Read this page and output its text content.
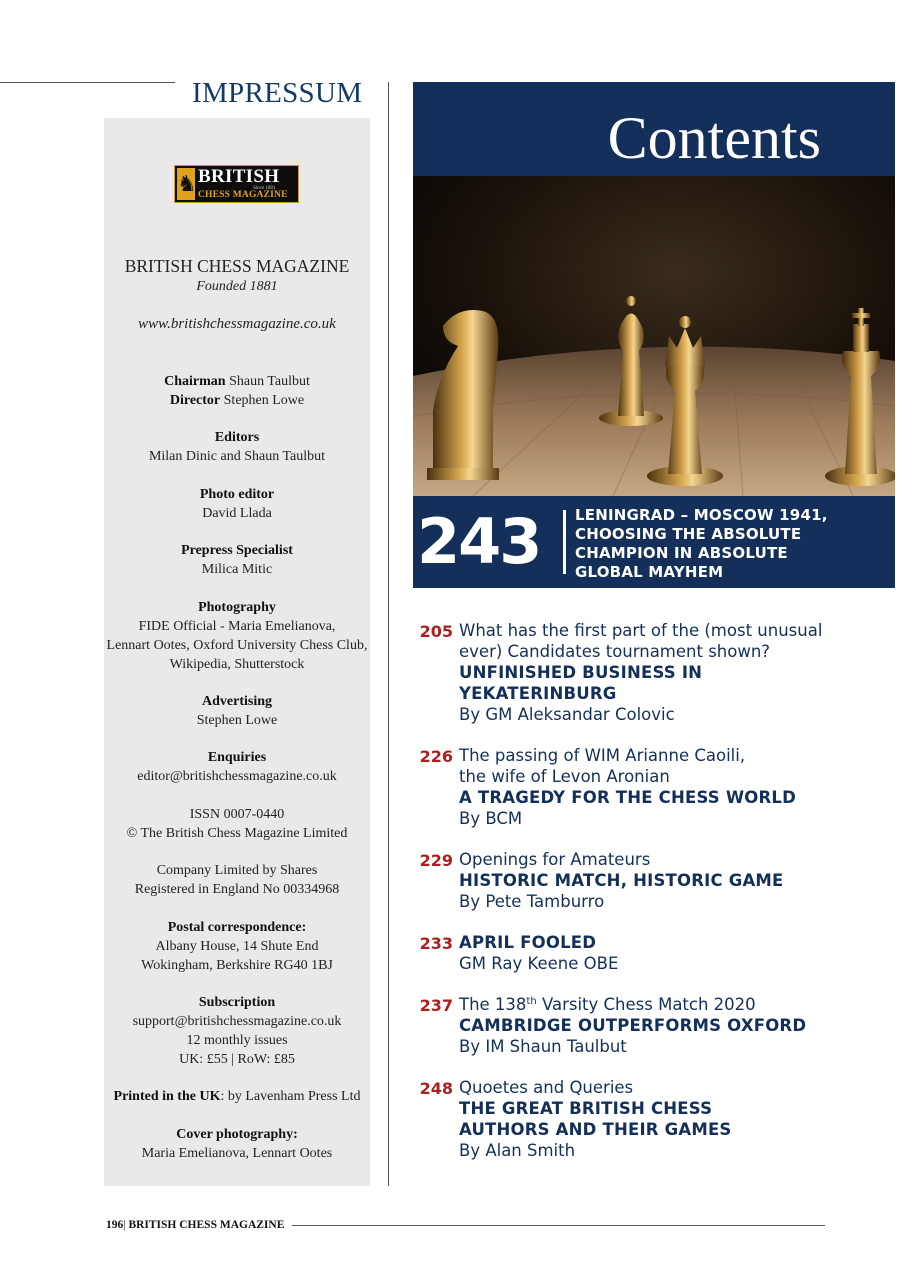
IMPRESSUM
♞ BRITISH
Since 1881
CHESS MAGAZINE
BRITISH CHESS MAGAZINE
Founded 1881
www.britishchessmagazine.co.uk
Chairman Shaun Taulbut
Director Stephen Lowe
Editors
Milan Dinic and Shaun Taulbut
Photo editor
David Llada
Prepress Specialist
Milica Mitic
Photography
FIDE Official - Maria Emelianova,
Lennart Ootes, Oxford University Chess Club,
Wikipedia, Shutterstock
Advertising
Stephen Lowe
Enquiries
editor@britishchessmagazine.co.uk
ISSN 0007-0440
© The British Chess Magazine Limited
Company Limited by Shares
Registered in England No 00334968
Postal correspondence:
Albany House, 14 Shute End
Wokingham, Berkshire RG40 1BJ
Subscription
support@britishchessmagazine.co.uk
12 monthly issues
UK: £55 | RoW: £85
Printed in the UK: by Lavenham Press Ltd
Cover photography:
Maria Emelianova, Lennart Ootes
Contents
243 LENINGRAD – MOSCOW 1941,
CHOOSING THE ABSOLUTE
CHAMPION IN ABSOLUTE
GLOBAL MAYHEM
205 What has the first part of the (most unusual
ever) Candidates tournament shown?
UNFINISHED BUSINESS IN
YEKATERINBURG
By GM Aleksandar Colovic
226 The passing of WIM Arianne Caoili,
the wife of Levon Aronian
A TRAGEDY FOR THE CHESS WORLD
By BCM
229 Openings for Amateurs
HISTORIC MATCH, HISTORIC GAME
By Pete Tamburro
233 APRIL FOOLED
GM Ray Keene OBE
237 The 138th Varsity Chess Match 2020
CAMBRIDGE OUTPERFORMS OXFORD
By IM Shaun Taulbut
248 Quoetes and Queries
THE GREAT BRITISH CHESS
AUTHORS AND THEIR GAMES
By Alan Smith
196| BRITISH CHESS MAGAZINE
